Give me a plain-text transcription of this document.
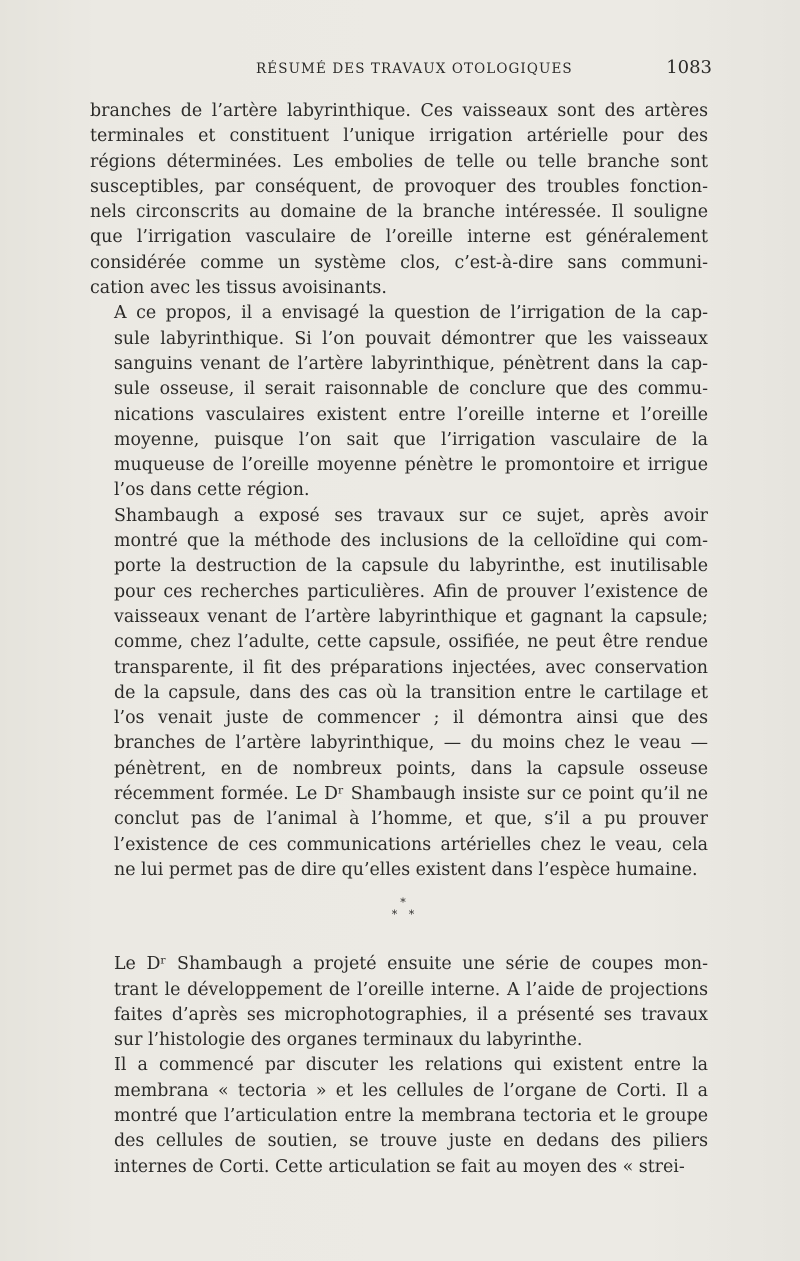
RÉSUMÉ DES TRAVAUX OTOLOGIQUES	1083

branches de l’artère labyrinthique. Ces vaisseaux sont des artères
terminales et constituent l’unique irrigation artérielle pour des
régions déterminées. Les embolies de telle ou telle branche sont
susceptibles, par conséquent, de provoquer des troubles fonction-
nels circonscrits au domaine de la branche intéressée. Il souligne
que l’irrigation vasculaire de l’oreille interne est généralement
considérée comme un système clos, c’est-à-dire sans communi-
cation avec les tissus avoisinants.

A ce propos, il a envisagé la question de l’irrigation de la cap-
sule labyrinthique. Si l’on pouvait démontrer que les vaisseaux
sanguins venant de l’artère labyrinthique, pénètrent dans la cap-
sule osseuse, il serait raisonnable de conclure que des commu-
nications vasculaires existent entre l’oreille interne et l’oreille
moyenne, puisque l’on sait que l’irrigation vasculaire de la
muqueuse de l’oreille moyenne pénètre le promontoire et irrigue
l’os dans cette région.

Shambaugh a exposé ses travaux sur ce sujet, après avoir
montré que la méthode des inclusions de la celloïdine qui com-
porte la destruction de la capsule du labyrinthe, est inutilisable
pour ces recherches particulières. Afin de prouver l’existence de
vaisseaux venant de l’artère labyrinthique et gagnant la capsule;
comme, chez l’adulte, cette capsule, ossifiée, ne peut être rendue
transparente, il fit des préparations injectées, avec conservation
de la capsule, dans des cas où la transition entre le cartilage et
l’os venait juste de commencer ; il démontra ainsi que des
branches de l’artère labyrinthique, — du moins chez le veau —
pénètrent, en de nombreux points, dans la capsule osseuse
récemment formée. Le Dʳ Shambaugh insiste sur ce point qu’il ne
conclut pas de l’animal à l’homme, et que, s’il a pu prouver
l’existence de ces communications artérielles chez le veau, cela
ne lui permet pas de dire qu’elles existent dans l’espèce humaine.

*
* *

Le Dʳ Shambaugh a projeté ensuite une série de coupes mon-
trant le développement de l’oreille interne. A l’aide de projections
faites d’après ses microphotographies, il a présenté ses travaux
sur l’histologie des organes terminaux du labyrinthe.

Il a commencé par discuter les relations qui existent entre la
membrana « tectoria » et les cellules de l’organe de Corti. Il a
montré que l’articulation entre la membrana tectoria et le groupe
des cellules de soutien, se trouve juste en dedans des piliers
internes de Corti. Cette articulation se fait au moyen des « strei-
